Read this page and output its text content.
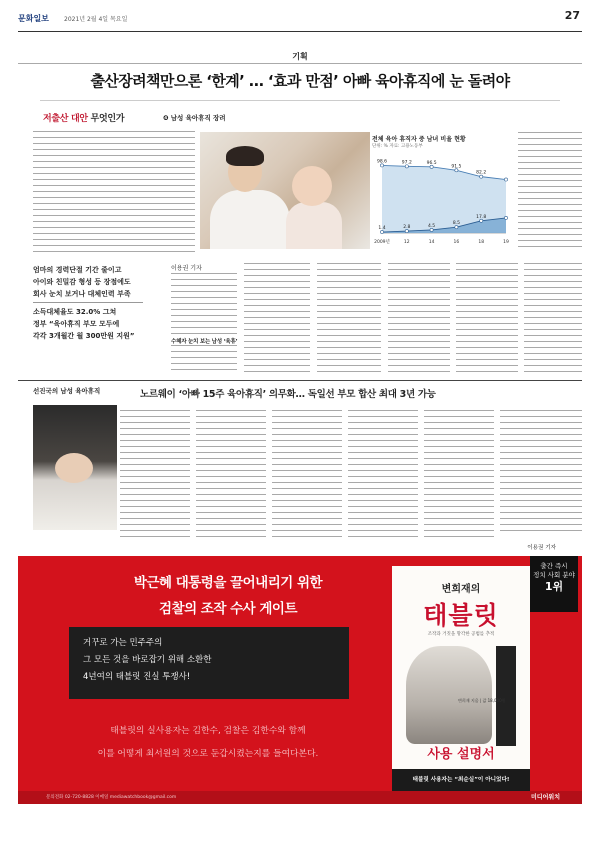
문화일보	2021년 2월 4일 목요일	27
기획
출산장려책만으론 ‘한계’ … ‘효과 만점’ 아빠 육아휴직에 눈 돌려야
저출산 대안 무엇인가	❹ 남성 육아휴직 장려
전체 육아 휴직자 중 남녀 비율 현황
단위: % 자료: 고용노동부
98.6	97.2	96.5
91.5
82.2
1.4	2.8	4.5
8.5
17.8
2009년	12	14	16	18	19
엄마의 경력단절 기간 줄이고
아이와 친밀감 형성 등 장점에도
회사 눈치 보거나 대체인력 부족
소득대체율도 32.0% 그쳐
정부 “육아휴직 부모 모두에
각각 3개월간 월 300만원 지원”
이용권 기자
수혜자 눈치 보는 남성 ‘육휴’
선진국의 남성 육아휴직	노르웨이 ‘아빠 15주 육아휴직’ 의무화… 독일선 부모 합산 최대 3년 가능
이용권 기자
박근혜 대통령을 끌어내리기 위한
검찰의 조작 수사 게이트
거꾸로 가는 민주주의
그 모든 것을 바로잡기 위해 소환한
4년여의 태블릿 진실 투쟁사!
태블릿의 실사용자는 김한수, 검찰은 김한수와 함께
이를 어떻게 최서원의 것으로 둔갑시켰는지를 들여다본다.
변희재의
태블릿
조작과 거짓을 망각한 공범를 추적
변희재 지음 | 값 18,000원
사용 설명서
태블릿 사용자는 “최순실”이 아니었다!
출간 즉시
정치 사회 분야
1위
문의전화 02-720-8828 이메일 mediawatchbook@gmail.com	미디어워치
